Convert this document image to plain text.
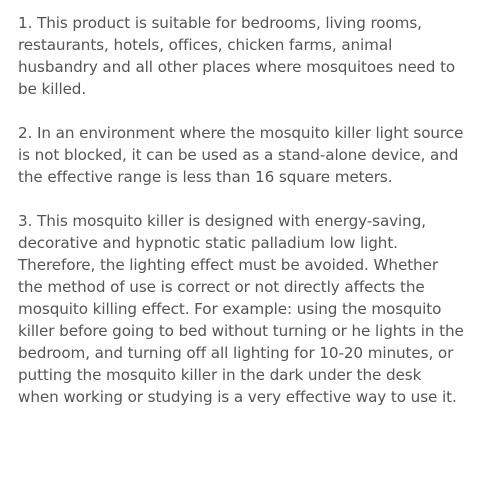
1. This product is suitable for bedrooms, living rooms, restaurants, hotels, offices, chicken farms, animal husbandry and all other places where mosquitoes need to be killed.

2. In an environment where the mosquito killer light source is not blocked, it can be used as a stand-alone device, and the effective range is less than 16 square meters.

3. This mosquito killer is designed with energy-saving, decorative and hypnotic static palladium low light. Therefore, the lighting effect must be avoided. Whether the method of use is correct or not directly affects the mosquito killing effect. For example: using the mosquito killer before going to bed without turning or he lights in the bedroom, and turning off all lighting for 10-20 minutes, or putting the mosquito killer in the dark under the desk when working or studying is a very effective way to use it.
